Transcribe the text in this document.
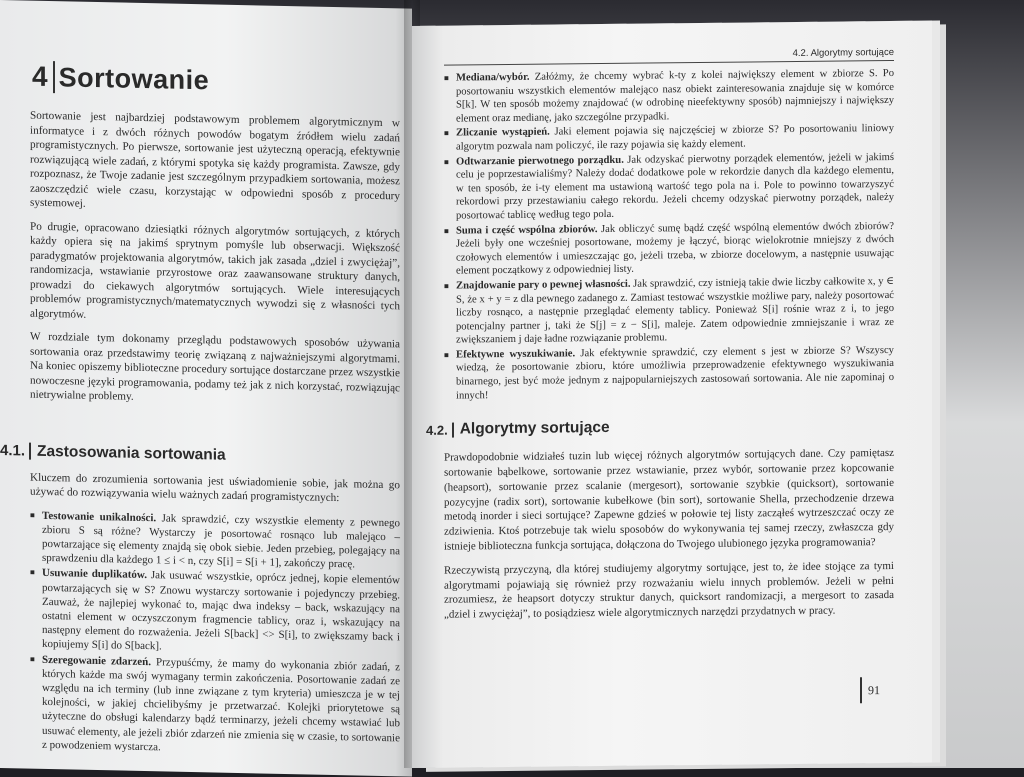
4 Sortowanie

Sortowanie jest najbardziej podstawowym problemem algorytmicznym w informatyce i z dwóch różnych powodów bogatym źródłem wielu zadań programistycznych. Po pierwsze, sortowanie jest użyteczną operacją, efektywnie rozwiązującą wiele zadań, z którymi spotyka się każdy programista. Zawsze, gdy rozpoznasz, że Twoje zadanie jest szczególnym przypadkiem sortowania, możesz zaoszczędzić wiele czasu, korzystając w odpowiedni sposób z procedury systemowej.

Po drugie, opracowano dziesiątki różnych algorytmów sortujących, z których każdy opiera się na jakimś sprytnym pomyśle lub obserwacji. Większość paradygmatów projektowania algorytmów, takich jak zasada „dziel i zwyciężaj”, randomizacja, wstawianie przyrostowe oraz zaawansowane struktury danych, prowadzi do ciekawych algorytmów sortujących. Wiele interesujących problemów programistycznych/matematycznych wywodzi się z własności tych algorytmów.

W rozdziale tym dokonamy przeglądu podstawowych sposobów używania sortowania oraz przedstawimy teorię związaną z najważniejszymi algorytmami. Na koniec opiszemy biblioteczne procedury sortujące dostarczane przez wszystkie nowoczesne języki programowania, podamy też jak z nich korzystać, rozwiązując nietrywialne problemy.

4.1. Zastosowania sortowania

Kluczem do zrozumienia sortowania jest uświadomienie sobie, jak można go używać do rozwiązywania wielu ważnych zadań programistycznych:

■ Testowanie unikalności. Jak sprawdzić, czy wszystkie elementy z pewnego zbioru S są różne? Wystarczy je posortować rosnąco lub malejąco – powtarzające się elementy znajdą się obok siebie. Jeden przebieg, polegający na sprawdzeniu dla każdego 1 ≤ i < n, czy S[i] = S[i + 1], zakończy pracę.
■ Usuwanie duplikatów. Jak usuwać wszystkie, oprócz jednej, kopie elementów powtarzających się w S? Znowu wystarczy sortowanie i pojedynczy przebieg. Zauważ, że najlepiej wykonać to, mając dwa indeksy – back, wskazujący na ostatni element w oczyszczonym fragmencie tablicy, oraz i, wskazujący na następny element do rozważenia. Jeżeli S[back] <> S[i], to zwiększamy back i kopiujemy S[i] do S[back].
■ Szeregowanie zdarzeń. Przypuśćmy, że mamy do wykonania zbiór zadań, z których każde ma swój wymagany termin zakończenia. Posortowanie zadań ze względu na ich terminy (lub inne związane z tym kryteria) umieszcza je w tej kolejności, w jakiej chcielibyśmy je przetwarzać. Kolejki priorytetowe są użyteczne do obsługi kalendarzy bądź terminarzy, jeżeli chcemy wstawiać lub usuwać elementy, ale jeżeli zbiór zdarzeń nie zmienia się w czasie, to sortowanie z powodzeniem wystarcza.
4.2. Algorytmy sortujące
■ Mediana/wybór. Załóżmy, że chcemy wybrać k-ty z kolei największy element w zbiorze S. Po posortowaniu wszystkich elementów malejąco nasz obiekt zainteresowania znajduje się w komórce S[k]. W ten sposób możemy znajdować (w odrobinę nieefektywny sposób) najmniejszy i największy element oraz medianę, jako szczególne przypadki.
■ Zliczanie wystąpień. Jaki element pojawia się najczęściej w zbiorze S? Po posortowaniu liniowy algorytm pozwala nam policzyć, ile razy pojawia się każdy element.
■ Odtwarzanie pierwotnego porządku. Jak odzyskać pierwotny porządek elementów, jeżeli w jakimś celu je poprzestawialiśmy? Należy dodać dodatkowe pole w rekordzie danych dla każdego elementu, w ten sposób, że i-ty element ma ustawioną wartość tego pola na i. Pole to powinno towarzyszyć rekordowi przy przestawianiu całego rekordu. Jeżeli chcemy odzyskać pierwotny porządek, należy posortować tablicę według tego pola.
■ Suma i część wspólna zbiorów. Jak obliczyć sumę bądź część wspólną elementów dwóch zbiorów? Jeżeli były one wcześniej posortowane, możemy je łączyć, biorąc wielokrotnie mniejszy z dwóch czołowych elementów i umieszczając go, jeżeli trzeba, w zbiorze docelowym, a następnie usuwając element początkowy z odpowiedniej listy.
■ Znajdowanie pary o pewnej własności. Jak sprawdzić, czy istnieją takie dwie liczby całkowite x, y ∈ S, że x + y = z dla pewnego zadanego z. Zamiast testować wszystkie możliwe pary, należy posortować liczby rosnąco, a następnie przeglądać elementy tablicy. Ponieważ S[i] rośnie wraz z i, to jego potencjalny partner j, taki że S[j] = z − S[i], maleje. Zatem odpowiednie zmniejszanie i wraz ze zwiększaniem j daje ładne rozwiązanie problemu.
■ Efektywne wyszukiwanie. Jak efektywnie sprawdzić, czy element s jest w zbiorze S? Wszyscy wiedzą, że posortowanie zbioru, które umożliwia przeprowadzenie efektywnego wyszukiwania binarnego, jest być może jednym z najpopularniejszych zastosowań sortowania. Ale nie zapominaj o innych!
4.2. Algorytmy sortujące

Prawdopodobnie widziałeś tuzin lub więcej różnych algorytmów sortujących dane. Czy pamiętasz sortowanie bąbelkowe, sortowanie przez wstawianie, przez wybór, sortowanie przez kopcowanie (heapsort), sortowanie przez scalanie (mergesort), sortowanie szybkie (quicksort), sortowanie pozycyjne (radix sort), sortowanie kubełkowe (bin sort), sortowanie Shella, przechodzenie drzewa metodą inorder i sieci sortujące? Zapewne gdzieś w połowie tej listy zacząłeś wytrzeszczać oczy ze zdziwienia. Ktoś potrzebuje tak wielu sposobów do wykonywania tej samej rzeczy, zwłaszcza gdy istnieje biblioteczna funkcja sortująca, dołączona do Twojego ulubionego języka programowania?

Rzeczywistą przyczyną, dla której studiujemy algorytmy sortujące, jest to, że idee stojące za tymi algorytmami pojawiają się również przy rozważaniu wielu innych problemów. Jeżeli w pełni zrozumiesz, że heapsort dotyczy struktur danych, quicksort randomizacji, a mergesort to zasada „dziel i zwyciężaj”, to posiądziesz wiele algorytmicznych narzędzi przydatnych w pracy.

91
